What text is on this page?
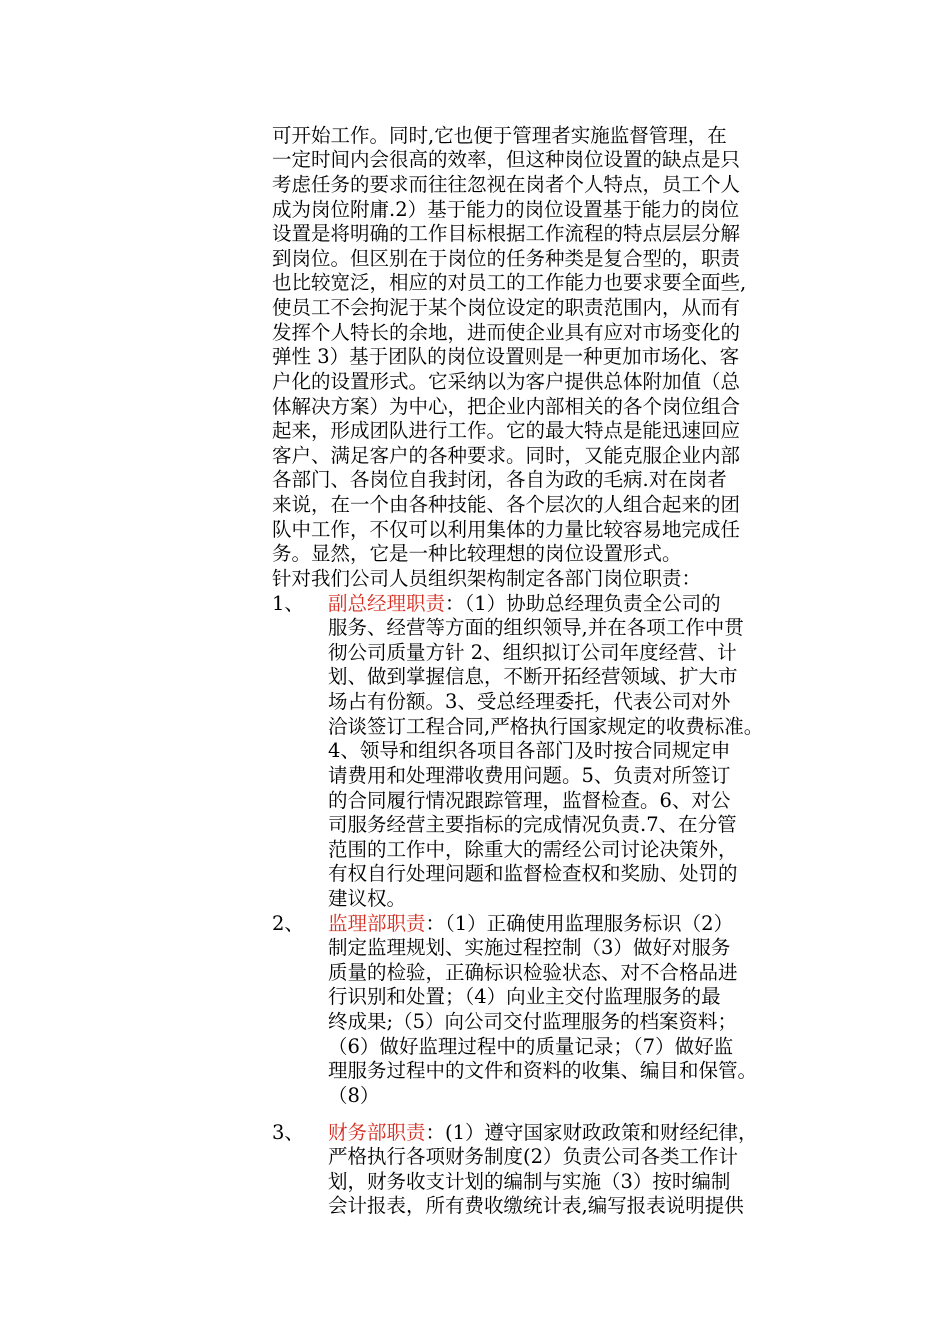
可开始工作。同时,它也便于管理者实施监督管理，在
一定时间内会很高的效率，但这种岗位设置的缺点是只
考虑任务的要求而往往忽视在岗者个人特点，员工个人
成为岗位附庸.2）基于能力的岗位设置基于能力的岗位
设置是将明确的工作目标根据工作流程的特点层层分解
到岗位。但区别在于岗位的任务种类是复合型的，职责
也比较宽泛，相应的对员工的工作能力也要求要全面些,
使员工不会拘泥于某个岗位设定的职责范围内，从而有
发挥个人特长的余地，进而使企业具有应对市场变化的
弹性 3）基于团队的岗位设置则是一种更加市场化、客
户化的设置形式。它采纳以为客户提供总体附加值（总
体解决方案）为中心，把企业内部相关的各个岗位组合
起来，形成团队进行工作。它的最大特点是能迅速回应
客户、满足客户的各种要求。同时，又能克服企业内部
各部门、各岗位自我封闭，各自为政的毛病.对在岗者
来说，在一个由各种技能、各个层次的人组合起来的团
队中工作，不仅可以利用集体的力量比较容易地完成任
务。显然，它是一种比较理想的岗位设置形式。
针对我们公司人员组织架构制定各部门岗位职责：
1、 副总经理职责：（1）协助总经理负责全公司的
服务、经营等方面的组织领导,并在各项工作中贯
彻公司质量方针 2、组织拟订公司年度经营、计
划、做到掌握信息，不断开拓经营领域、扩大市
场占有份额。3、受总经理委托，代表公司对外
洽谈签订工程合同,严格执行国家规定的收费标准。
4、领导和组织各项目各部门及时按合同规定申
请费用和处理滞收费用问题。5、负责对所签订
的合同履行情况跟踪管理，监督检查。6、对公
司服务经营主要指标的完成情况负责.7、在分管
范围的工作中，除重大的需经公司讨论决策外，
有权自行处理问题和监督检查权和奖励、处罚的
建议权。
2、 监理部职责：（1）正确使用监理服务标识（2）
制定监理规划、实施过程控制（3）做好对服务
质量的检验，正确标识检验状态、对不合格品进
行识别和处置；（4）向业主交付监理服务的最
终成果;（5）向公司交付监理服务的档案资料；
（6）做好监理过程中的质量记录；（7）做好监
理服务过程中的文件和资料的收集、编目和保管。
（8）
3、 财务部职责：(1）遵守国家财政政策和财经纪律，
严格执行各项财务制度(2）负责公司各类工作计
划，财务收支计划的编制与实施（3）按时编制
会计报表，所有费收缴统计表,编写报表说明提供
